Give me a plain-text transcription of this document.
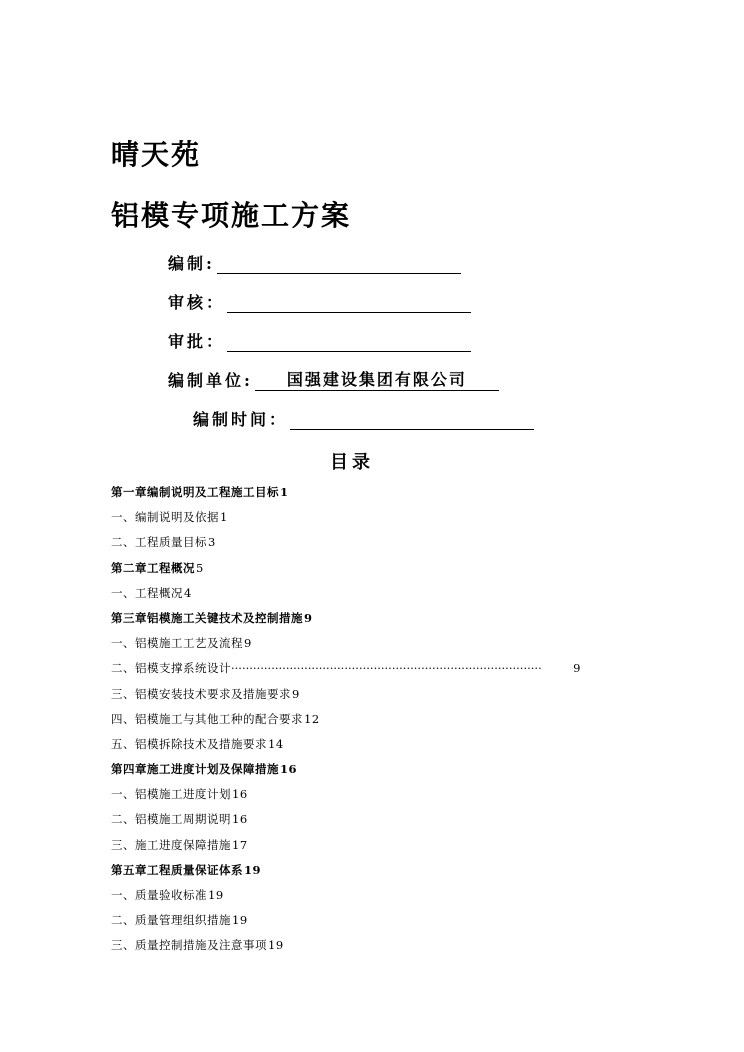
晴天苑
铝模专项施工方案
编制:
审核：
审批：
编制单位:	国强建设集团有限公司
编制时间：
目录
第一章编制说明及工程施工目标1
一、编制说明及依据1
二、工程质量目标3
第二章工程概况5
一、工程概况4
第三章铝模施工关键技术及控制措施9
一、铝模施工工艺及流程9
二、铝模支撑系统设计 ·····················································································	9
三、铝模安装技术要求及措施要求9
四、铝模施工与其他工种的配合要求12
五、铝模拆除技术及措施要求14
第四章施工进度计划及保障措施16
一、铝模施工进度计划16
二、铝模施工周期说明16
三、施工进度保障措施17
第五章工程质量保证体系19
一、质量验收标准19
二、质量管理组织措施19
三、质量控制措施及注意事项19
